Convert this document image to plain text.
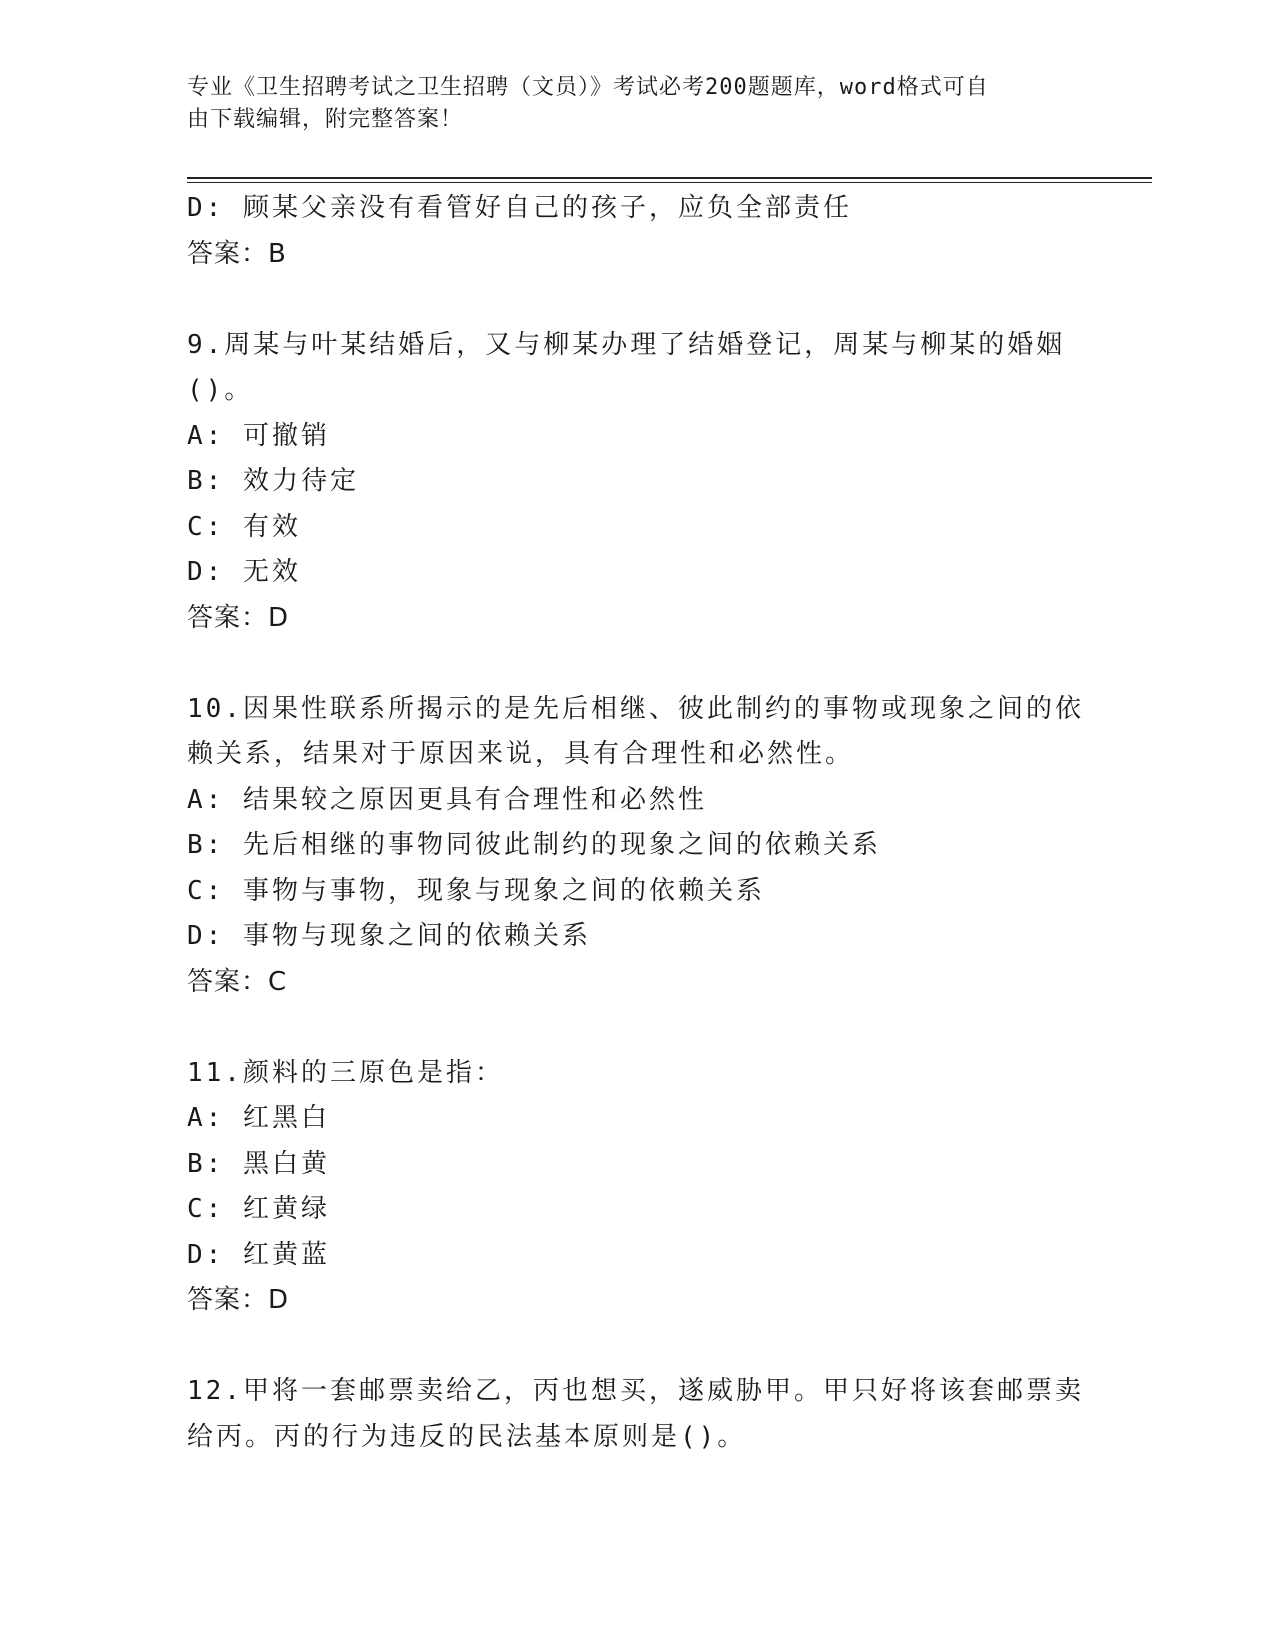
专业《卫生招聘考试之卫生招聘（文员）》考试必考200题题库，word格式可自
由下载编辑，附完整答案！

D: 顾某父亲没有看管好自己的孩子，应负全部责任

答案：B

9.周某与叶某结婚后，又与柳某办理了结婚登记，周某与柳某的婚姻

()。

A: 可撤销

B: 效力待定

C: 有效

D: 无效

答案：D

10.因果性联系所揭示的是先后相继、彼此制约的事物或现象之间的依

赖关系，结果对于原因来说，具有合理性和必然性。

A: 结果较之原因更具有合理性和必然性

B: 先后相继的事物同彼此制约的现象之间的依赖关系

C: 事物与事物，现象与现象之间的依赖关系

D: 事物与现象之间的依赖关系

答案：C

11.颜料的三原色是指：

A: 红黑白

B: 黑白黄

C: 红黄绿

D: 红黄蓝

答案：D

12.甲将一套邮票卖给乙，丙也想买，遂威胁甲。甲只好将该套邮票卖

给丙。丙的行为违反的民法基本原则是()。
